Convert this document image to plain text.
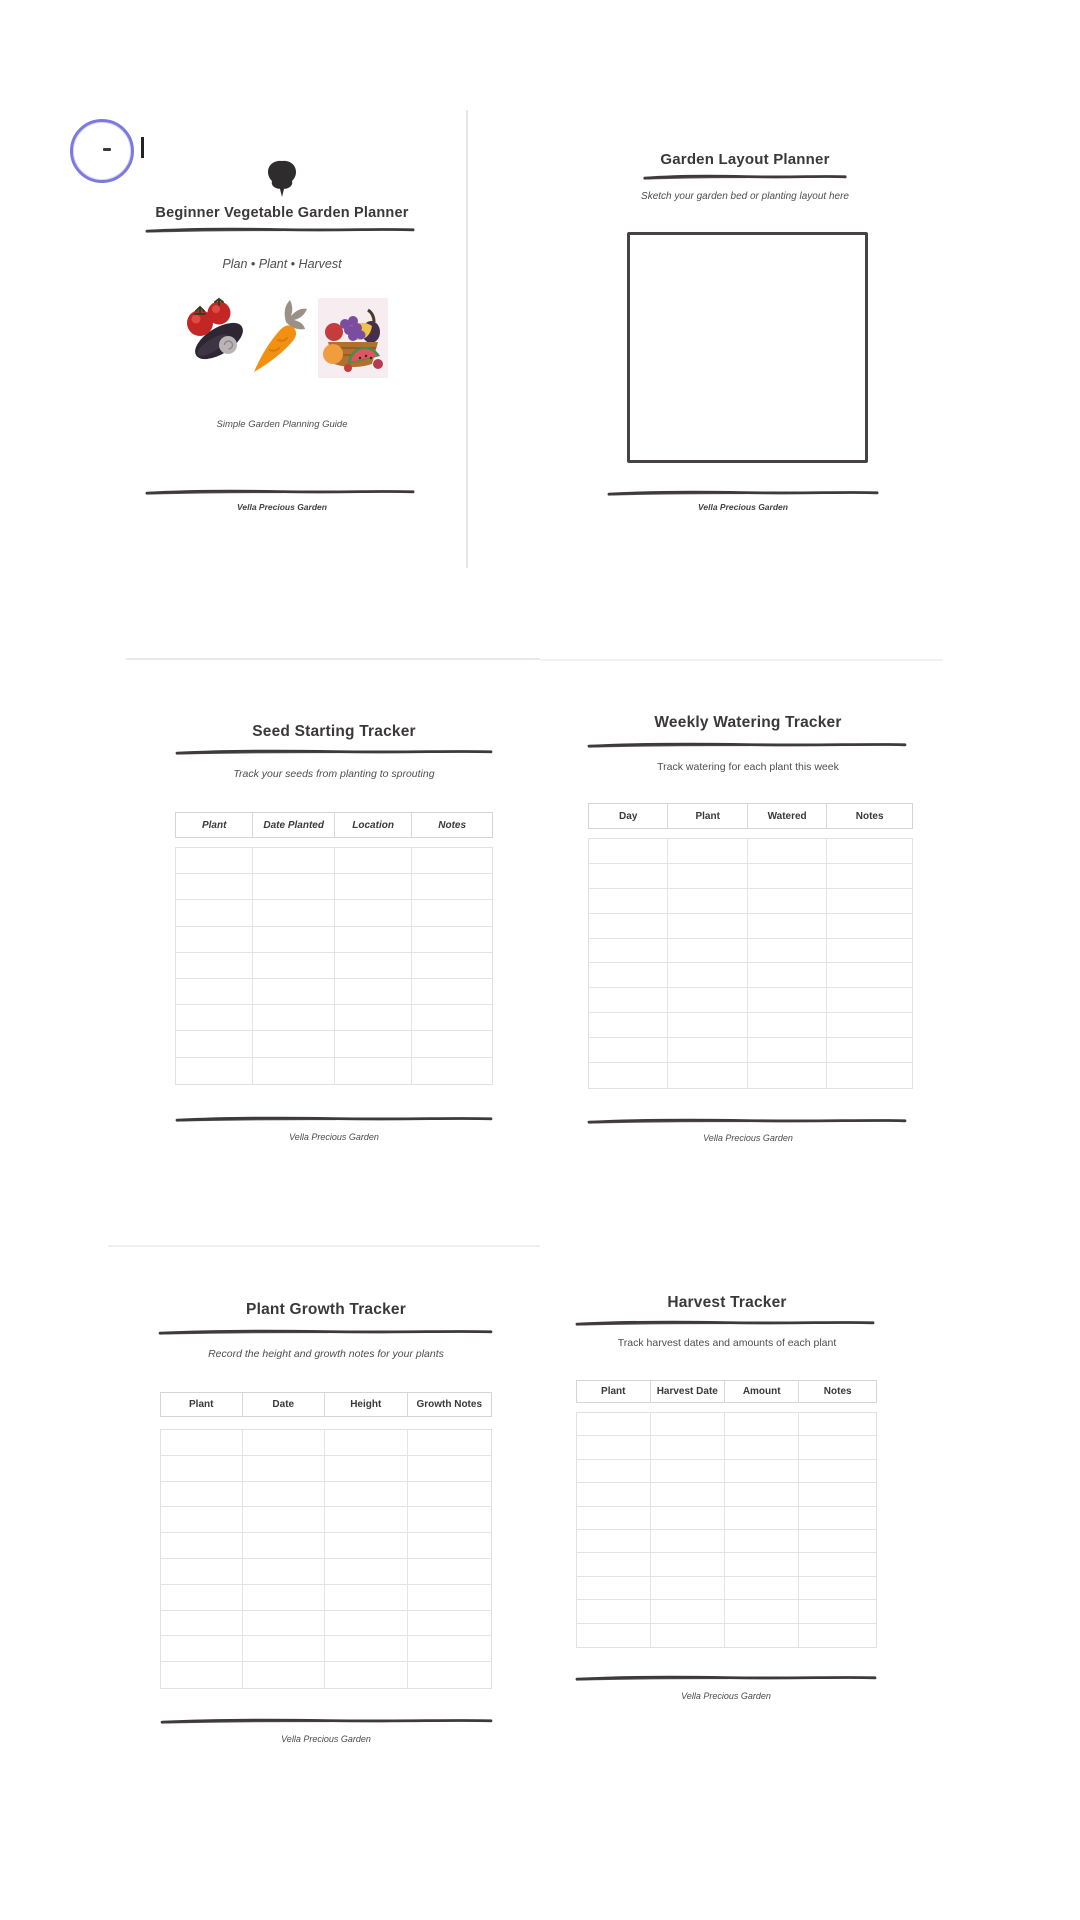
Beginner Vegetable Garden Planner
Plan • Plant • Harvest
Simple Garden Planning Guide
Vella Precious Garden
Garden Layout Planner
Sketch your garden bed or planting layout here
Vella Precious Garden
Seed Starting Tracker
Track your seeds from planting to sprouting
Plant	Date Planted	Location	Notes
Vella Precious Garden
Weekly Watering Tracker
Track watering for each plant this week
Day	Plant	Watered	Notes
Vella Precious Garden
Plant Growth Tracker
Record the height and growth notes for your plants
Plant	Date	Height	Growth Notes
Vella Precious Garden
Harvest Tracker
Track harvest dates and amounts of each plant
Plant	Harvest Date	Amount	Notes
Vella Precious Garden
